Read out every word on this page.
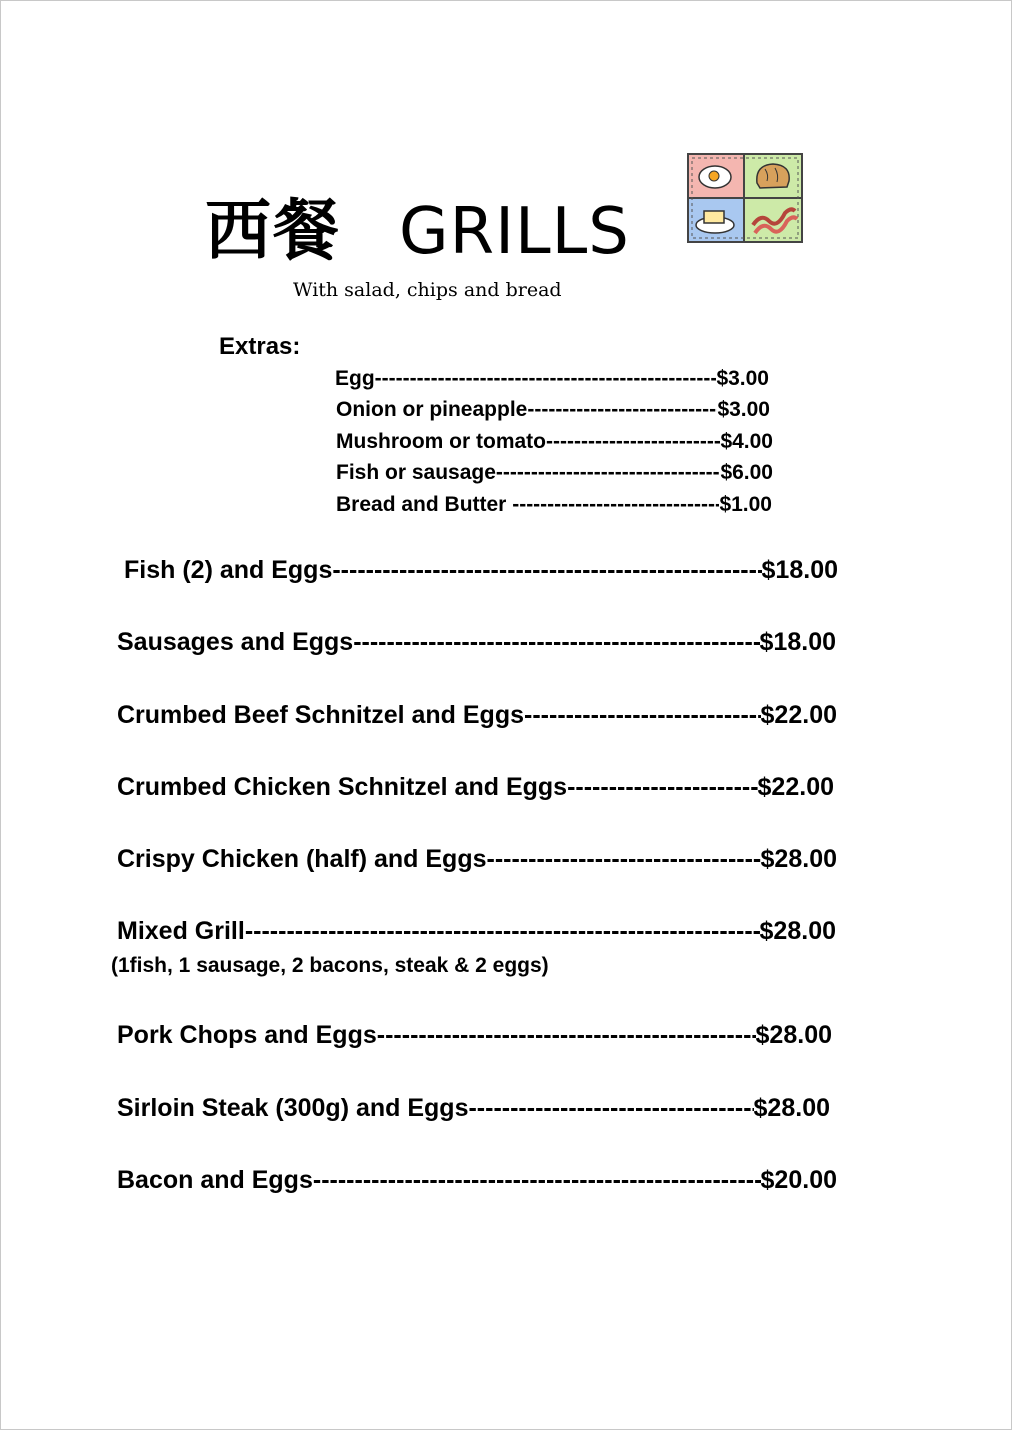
西餐 GRILLS
With salad, chips and bread
Extras:
Egg -----	$3.00
Onion or pineapple -----	$3.00
Mushroom or tomato -----	$4.00
Fish or sausage -----	$6.00
Bread and Butter -----	$1.00
Fish (2) and Eggs -----	$18.00
Sausages and Eggs -----	$18.00
Crumbed Beef Schnitzel and Eggs -----	$22.00
Crumbed Chicken Schnitzel and Eggs -----	$22.00
Crispy Chicken (half) and Eggs -----	$28.00
Mixed Grill -----	$28.00
(1fish, 1 sausage, 2 bacons, steak & 2 eggs)
Pork Chops and Eggs -----	$28.00
Sirloin Steak (300g) and Eggs -----	$28.00
Bacon and Eggs -----	$20.00
